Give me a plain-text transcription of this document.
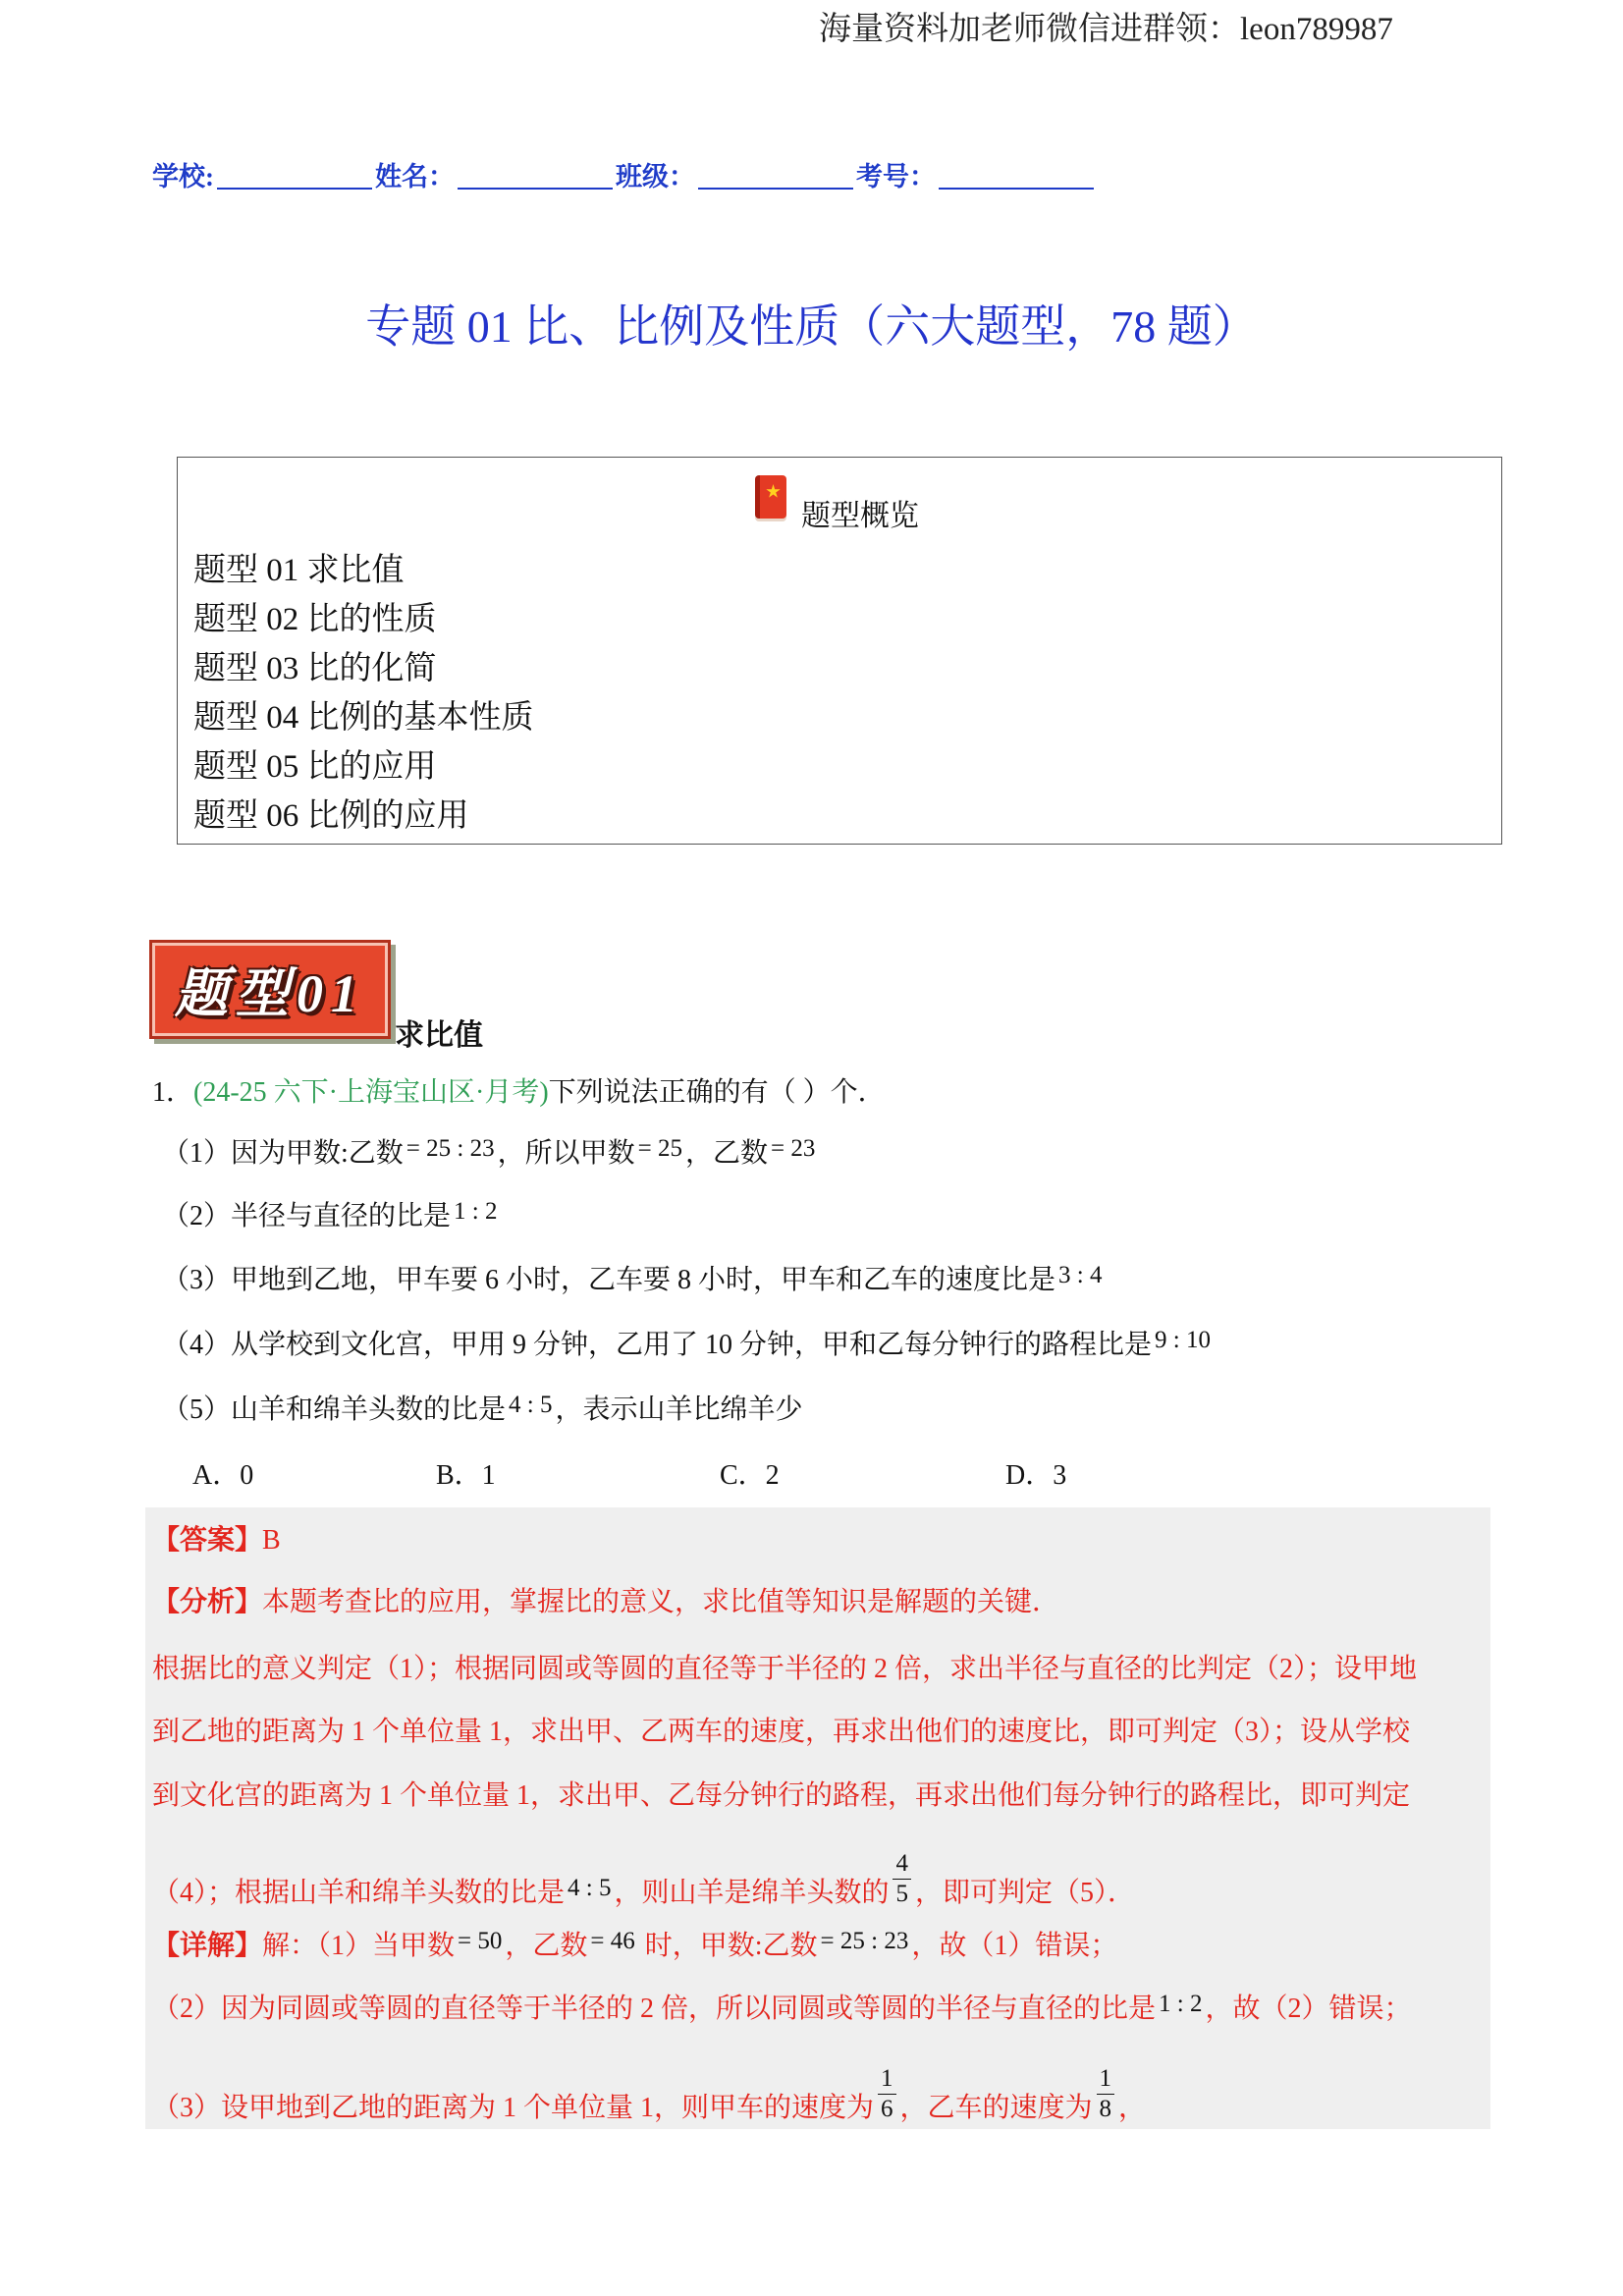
海量资料加老师微信进群领：leon789987
学校:	姓名：	班级：	考号：
专题 01 比、比例及性质（六大题型，78 题）
题型概览
题型 01 求比值
题型 02 比的性质
题型 03 比的化简
题型 04 比例的基本性质
题型 05 比的应用
题型 06 比例的应用
题型01
求比值
1．(24-25 六下·上海宝山区·月考)下列说法正确的有（ ）个．
（1）因为甲数:乙数 = 25 : 23 ，所以甲数 = 25 ，乙数 = 23
（2）半径与直径的比是 1 : 2
（3）甲地到乙地，甲车要 6 小时，乙车要 8 小时，甲车和乙车的速度比是 3 : 4
（4）从学校到文化宫，甲用 9 分钟，乙用了 10 分钟，甲和乙每分钟行的路程比是 9 : 10
（5）山羊和绵羊头数的比是 4 : 5 ，表示山羊比绵羊少
A．0	B．1	C．2	D．3
【答案】B
【分析】本题考查比的应用，掌握比的意义，求比值等知识是解题的关键．
根据比的意义判定（1）；根据同圆或等圆的直径等于半径的 2 倍，求出半径与直径的比判定（2）；设甲地
到乙地的距离为 1 个单位量 1，求出甲、乙两车的速度，再求出他们的速度比，即可判定（3）；设从学校
到文化宫的距离为 1 个单位量 1，求出甲、乙每分钟行的路程，再求出他们每分钟行的路程比，即可判定
（4）；根据山羊和绵羊头数的比是 4 : 5 ，则山羊是绵羊头数的 $\frac{4}{5}$ ，即可判定（5）．
【详解】解：（1）当甲数 = 50 ，乙数 = 46 时，甲数:乙数 = 25 : 23 ，故（1）错误；
（2）因为同圆或等圆的直径等于半径的 2 倍，所以同圆或等圆的半径与直径的比是 1 : 2 ，故（2）错误；
（3）设甲地到乙地的距离为 1 个单位量 1，则甲车的速度为 $\frac{1}{6}$ ，乙车的速度为 $\frac{1}{8}$ ，
